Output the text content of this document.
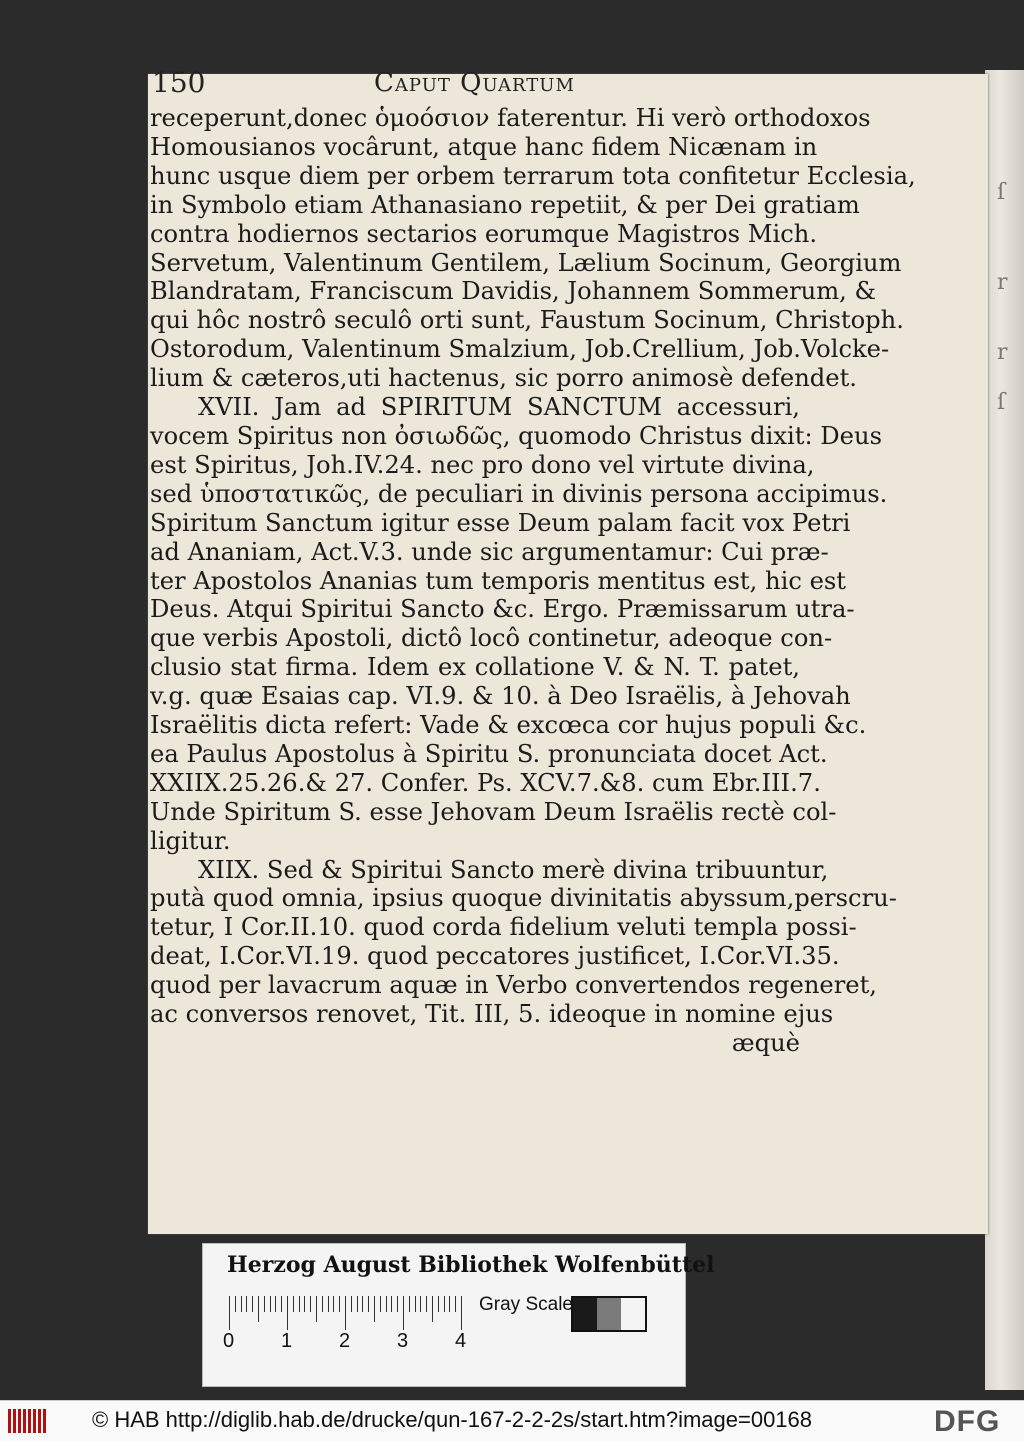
ſ
r
r
ſ
150	Caput Quartum
receperunt,donec ὁμοόσιον faterentur. Hi verò orthodoxos
Homousianos vocârunt, atque hanc fidem Nicænam in
hunc usque diem per orbem terrarum tota confitetur Ecclesia,
in Symbolo etiam Athanasiano repetiit, & per Dei gratiam
contra hodiernos sectarios eorumque Magistros Mich.
Servetum, Valentinum Gentilem, Lælium Socinum, Georgium
Blandratam, Franciscum Davidis, Johannem Sommerum, &
qui hôc nostrô seculô orti sunt, Faustum Socinum, Christoph.
Ostorodum, Valentinum Smalzium, Job.Crellium, Job.Volcke-
lium & cæteros,uti hactenus, sic porro animosè defendet.
XVII. Jam ad SPIRITUM SANCTUM accessuri,
vocem Spiritus non ὀσιωδῶς, quomodo Christus dixit: Deus
est Spiritus, Joh.IV.24. nec pro dono vel virtute divina,
sed ὑποστατικῶς, de peculiari in divinis persona accipimus.
Spiritum Sanctum igitur esse Deum palam facit vox Petri
ad Ananiam, Act.V.3. unde sic argumentamur: Cui præ-
ter Apostolos Ananias tum temporis mentitus est, hic est
Deus. Atqui Spiritui Sancto &c. Ergo. Præmissarum utra-
que verbis Apostoli, dictô locô continetur, adeoque con-
clusio stat firma. Idem ex collatione V. & N. T. patet,
v.g. quæ Esaias cap. VI.9. & 10. à Deo Israëlis, à Jehovah
Israëlitis dicta refert: Vade & excœca cor hujus populi &c.
ea Paulus Apostolus à Spiritu S. pronunciata docet Act.
XXIIX.25.26.& 27. Confer. Ps. XCV.7.&8. cum Ebr.III.7.
Unde Spiritum S. esse Jehovam Deum Israëlis rectè col-
ligitur.
XIIX. Sed & Spiritui Sancto merè divina tribuuntur,
putà quod omnia, ipsius quoque divinitatis abyssum,perscru-
tetur, I Cor.II.10. quod corda fidelium veluti templa possi-
deat, I.Cor.VI.19. quod peccatores justificet, I.Cor.VI.35.
quod per lavacrum aquæ in Verbo convertendos regeneret,
ac conversos renovet, Tit. III, 5. ideoque in nomine ejus
æquè
Herzog August Bibliothek Wolfenbüttel
0 1 2 3 4
Gray Scale
© HAB http://diglib.hab.de/drucke/qun-167-2-2-2s/start.htm?image=00168	DFG
